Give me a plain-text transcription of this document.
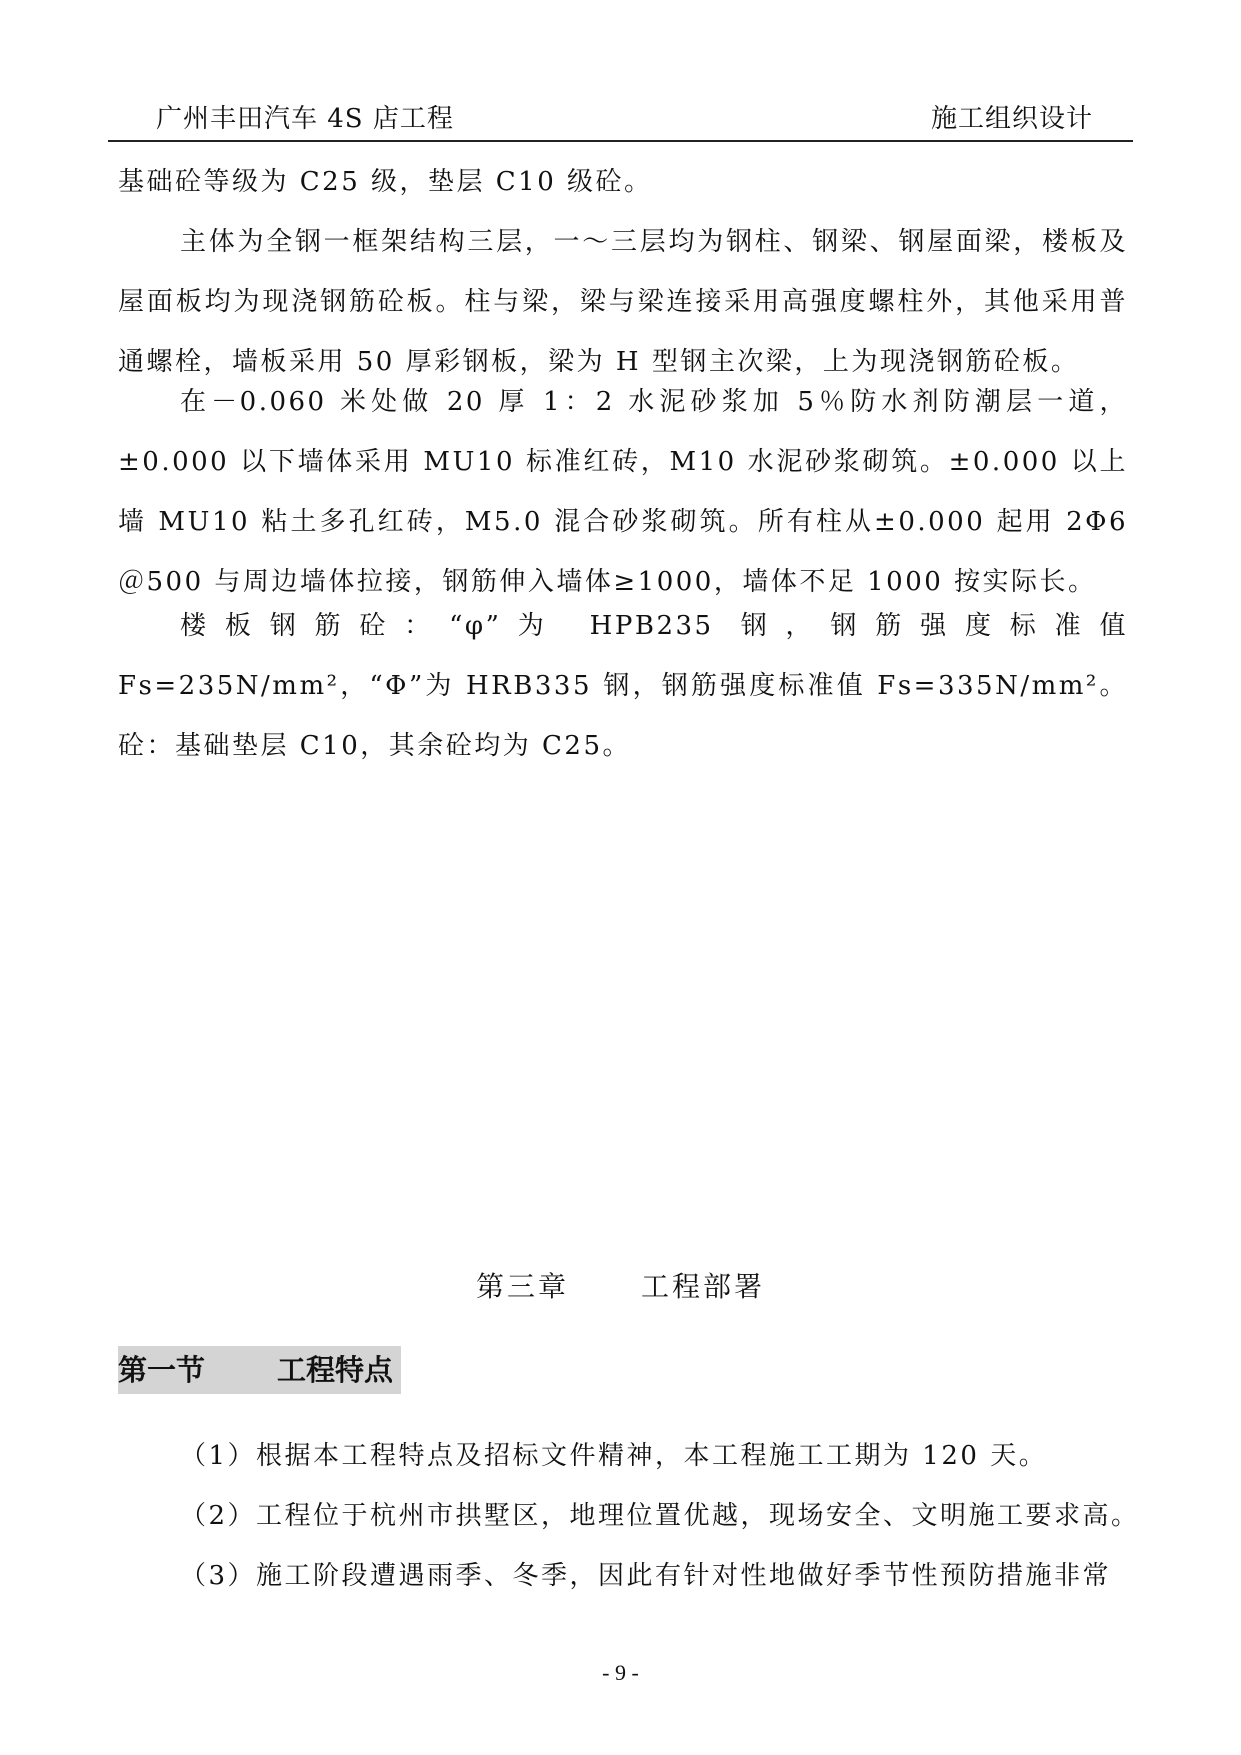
广州丰田汽车 4S 店工程	施工组织设计

基础砼等级为 C25 级，垫层 C10 级砼。

主体为全钢一框架结构三层，一～三层均为钢柱、钢梁、钢屋面梁，楼板及屋面板均为现浇钢筋砼板。柱与梁，梁与梁连接采用高强度螺柱外，其他采用普通螺栓，墙板采用 50 厚彩钢板，梁为 H 型钢主次梁，上为现浇钢筋砼板。

在－0.060 米处做 20 厚 1：2 水泥砂浆加 5％防水剂防潮层一道，±0.000 以下墙体采用 MU10 标准红砖，M10 水泥砂浆砌筑。±0.000 以上墙 MU10 粘土多孔红砖，M5.0 混合砂浆砌筑。所有柱从±0.000 起用 2Φ6＠500 与周边墙体拉接，钢筋伸入墙体≥1000，墙体不足 1000 按实际长。

楼板钢筋砼：“φ”为 HPB235 钢，钢筋强度标准值 Fs=235N/mm²，“Φ”为 HRB335 钢，钢筋强度标准值 Fs=335N/mm²。砼：基础垫层 C10，其余砼均为 C25。

第三章	工程部署
第一节 工程特点
（1）根据本工程特点及招标文件精神，本工程施工工期为 120 天。
（2）工程位于杭州市拱墅区，地理位置优越，现场安全、文明施工要求高。
（3）施工阶段遭遇雨季、冬季，因此有针对性地做好季节性预防措施非常
- 9 -
